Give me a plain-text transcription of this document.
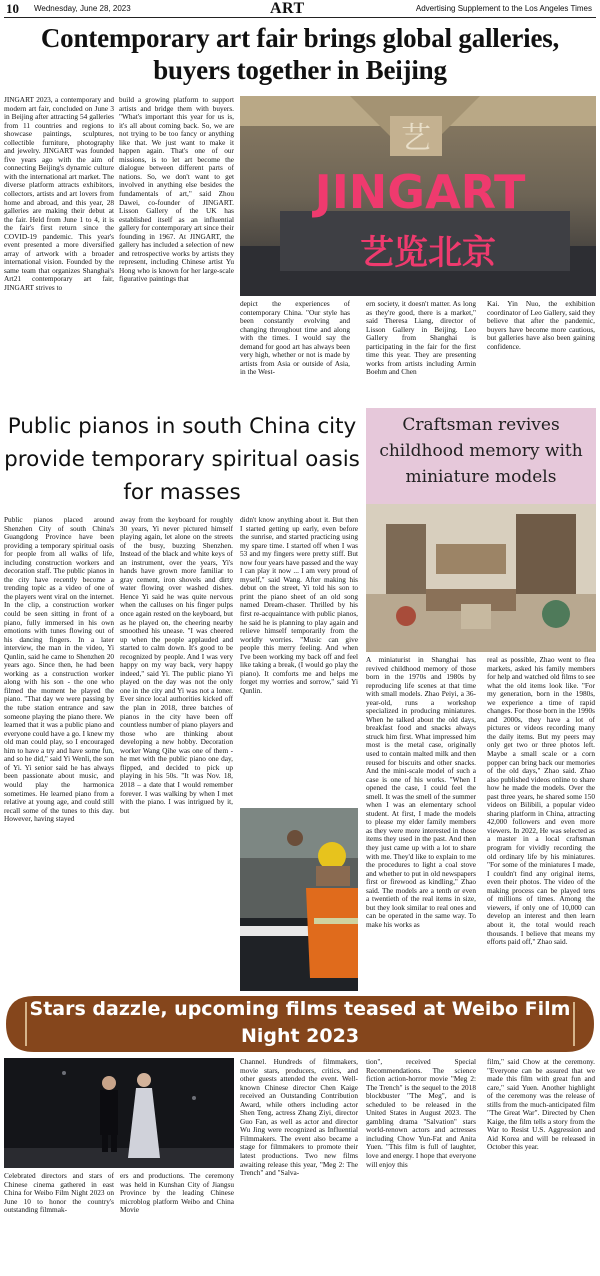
10 Wednesday, June 28, 2023	ART	Advertising Supplement to the Los Angeles Times
Contemporary art fair brings global galleries, buyers together in Beijing
艺
JINGART
艺览北京

JINGART 2023, a contemporary and modern art fair, concluded on June 3 in Beijing after attracting 54 galleries from 11 countries and regions to showcase paintings, sculptures, collectible furniture, photography and jewelry. JINGART was founded five years ago with the aim of connecting Beijing's dynamic culture with the international art market. The diverse platform attracts exhibitors, collectors, artists and art lovers from home and abroad, and this year, 28 galleries are making their debut at the fair. Held from June 1 to 4, it is the fair's first return since the COVID-19 pandemic. This year's event presented a more diversified array of artwork with a broader international vision. Founded by the same team that organizes Shanghai's Art21 contemporary art fair, JINGART strives to

build a growing platform to support artists and bridge them with buyers. "What's important this year for us is, it's all about coming back. So, we are not trying to be too fancy or anything like that. We just want to make it happen again. That's one of our missions, is to let art become the dialogue between different parts of nations. So, we don't want to get involved in anything else besides the fundamentals of art," said Zhou Dawei, co-founder of JINGART. Lisson Gallery of the UK has established itself as an influential gallery for contemporary art since their founding in 1967. At JINGART, the gallery has included a selection of new and retrospective works by artists they represent, including Chinese artist Yu Hong who is known for her large-scale figurative paintings that

depict the experiences of contemporary China. "Our style has been constantly evolving and changing throughout time and along with the times. I would say the demand for good art has always been very high, whether or not is made by artists from Asia or outside of Asia, in the West-

ern society, it doesn't matter. As long as they're good, there is a market," said Theresa Liang, director of Lisson Gallery in Beijing. Leo Gallery from Shanghai is participating in the fair for the first time this year. They are presenting works from artists including Armin Boehm and Chen

Kai. Yin Nuo, the exhibition coordinator of Leo Gallery, said they believe that after the pandemic, buyers have become more cautious, but galleries have also been gaining confidence.

Public pianos in south China city provide temporary spiritual oasis for masses

Public pianos placed around Shenzhen City of south China's Guangdong Province have been providing a temporary spiritual oasis for people from all walks of life, including construction workers and decoration staff. The public pianos in the city have recently become a trending topic as a video of one of the players went viral on the internet. In the clip, a construction worker could be seen sitting in front of a piano, fully immersed in his own emotions with tunes flowing out of his dancing fingers. In a later interview, the man in the video, Yi Qunlin, said he came to Shenzhen 20 years ago. Since then, he had been working as a construction worker along with his son - the one who filmed the moment he played the piano. "That day we were passing by the tube station entrance and saw someone playing the piano there. We learned that it was a public piano and everyone could have a go. I knew my old man could play, so I encouraged him to have a try and have some fun, and so he did," said Yi Wenli, the son of Yi. Yi senior said he has always been passionate about music, and would play the harmonica sometimes. He learned piano from a relative at young age, and could still recall some of the tunes to this day. However, having stayed

away from the keyboard for roughly 30 years, Yi never pictured himself playing again, let alone on the streets of the busy, buzzing Shenzhen. Instead of the black and white keys of an instrument, over the years, Yi's hands have grown more familiar to gray cement, iron shovels and dirty water flowing over washed dishes. Hence Yi said he was quite nervous when the calluses on his finger pulps once again rested on the keyboard, but as he played on, the cheering nearby smoothed his unease. "I was cheered up when the people applauded and started to calm down. It's good to be recognized by people. And I was very happy on my way back, very happy indeed," said Yi. The public piano Yi played on the day was not the only one in the city and Yi was not a loner. Ever since local authorities kicked off the plan in 2018, three batches of pianos in the city have been off countless number of piano players and those who are thinking about developing a new hobby. Decoration worker Wang Qihe was one of them - he met with the public piano one day, flipped, and decided to pick up playing in his 50s. "It was Nov. 18, 2018 – a date that I would remember forever. I was walking by when I met with the piano. I was intrigued by it, but

didn't know anything about it. But then I started getting up early, even before the sunrise, and started practicing using my spare time. I started off when I was 53 and my fingers were pretty stiff. But now four years have passed and the way I can play it now ... I am very proud of myself," said Wang. After making his debut on the street, Yi told his son to print the piano sheet of an old song named Dream-chaser. Thrilled by his first re-acquaintance with public pianos, he said he is planning to play again and relieve himself temporarily from the worldly worries. "Music can give people this merry feeling. And when I've been working my back off and feel like taking a break, (I would go play the piano). It comforts me and helps me forget my worries and sorrow," said Yi Qunlin.

Craftsman revives childhood memory with miniature models

A miniaturist in Shanghai has revived childhood memory of those born in the 1970s and 1980s by reproducing life scenes at that time with small models. Zhao Peiyi, a 36-year-old, runs a workshop specialized in producing miniatures. When he talked about the old days, breakfast food and snacks always struck him first. What impressed him most is the metal case, originally used to contain malted milk and then reused for biscuits and other snacks. And the mini-scale model of such a case is one of his works. "When I opened the case, I could feel the smell. It was the smell of the summer when I was an elementary school student. At first, I made the models to please my elder family members as they were more interested in those items they used in the past. And then they just came up with a lot to share with me. They'd like to explain to me the procedures to light a coal stove and whether to put in old newspapers first or firewood as kindling," Zhao said. The models are a tenth or even a twentieth of the real items in size, but they look similar to real ones and can be operated in the same way. To make his works as

real as possible, Zhao went to flea markets, asked his family members for help and watched old films to see what the old items look like. "For my generation, born in the 1980s, we experience a time of rapid changes. For those born in the 1990s and 2000s, they have a lot of pictures or videos recording many the daily items. But my peers may only get two or three photos left. Maybe a small scale or a corn popper can bring back our memories of the old days," Zhao said. Zhao also published videos online to share how he made the models. Over the past three years, he shared some 150 videos on Bilibili, a popular video sharing platform in China, attracting 42,000 followers and even more viewers. In 2022, He was selected as a master in a local craftsman program for vividly recording the old ordinary life by his miniatures. "For some of the miniatures I made, I couldn't find any original items, even their photos. The video of the making process can be played tens of millions of times. Among the viewers, if only one of 10,000 can develop an interest and then learn about it, the total would reach thousands. I believe that means my efforts paid off," Zhao said.

Stars dazzle, upcoming films teased at Weibo Film Night 2023

Celebrated directors and stars of Chinese cinema gathered in east China for Weibo Film Night 2023 on June 10 to honor the country's outstanding filmmak-

ers and productions. The ceremony was held in Kunshan City of Jiangsu Province by the leading Chinese microblog platform Weibo and China Movie

Channel. Hundreds of filmmakers, movie stars, producers, critics, and other guests attended the event. Well-known Chinese director Chen Kaige received an Outstanding Contribution Award, while others including actor Shen Teng, actress Zhang Ziyi, director Guo Fan, as well as actor and director Wu Jing were recognized as Influential Filmmakers. The event also became a stage for filmmakers to promote their latest productions. Two new films awaiting release this year, "Meg 2: The Trench" and "Salva-

tion", received Special Recommendations. The science fiction action-horror movie "Meg 2: The Trench" is the sequel to the 2018 blockbuster "The Meg", and is scheduled to be released in the United States in August 2023. The gambling drama "Salvation" stars world-renown actors and actresses including Chow Yun-Fat and Anita Yuen. "This film is full of laughter, love and energy. I hope that everyone will enjoy this

film," said Chow at the ceremony. "Everyone can be assured that we made this film with great fun and care," said Yuen. Another highlight of the ceremony was the release of stills from the much-anticipated film "The Great War". Directed by Chen Kaige, the film tells a story from the War to Resist U.S. Aggression and Aid Korea and will be released in October this year.
